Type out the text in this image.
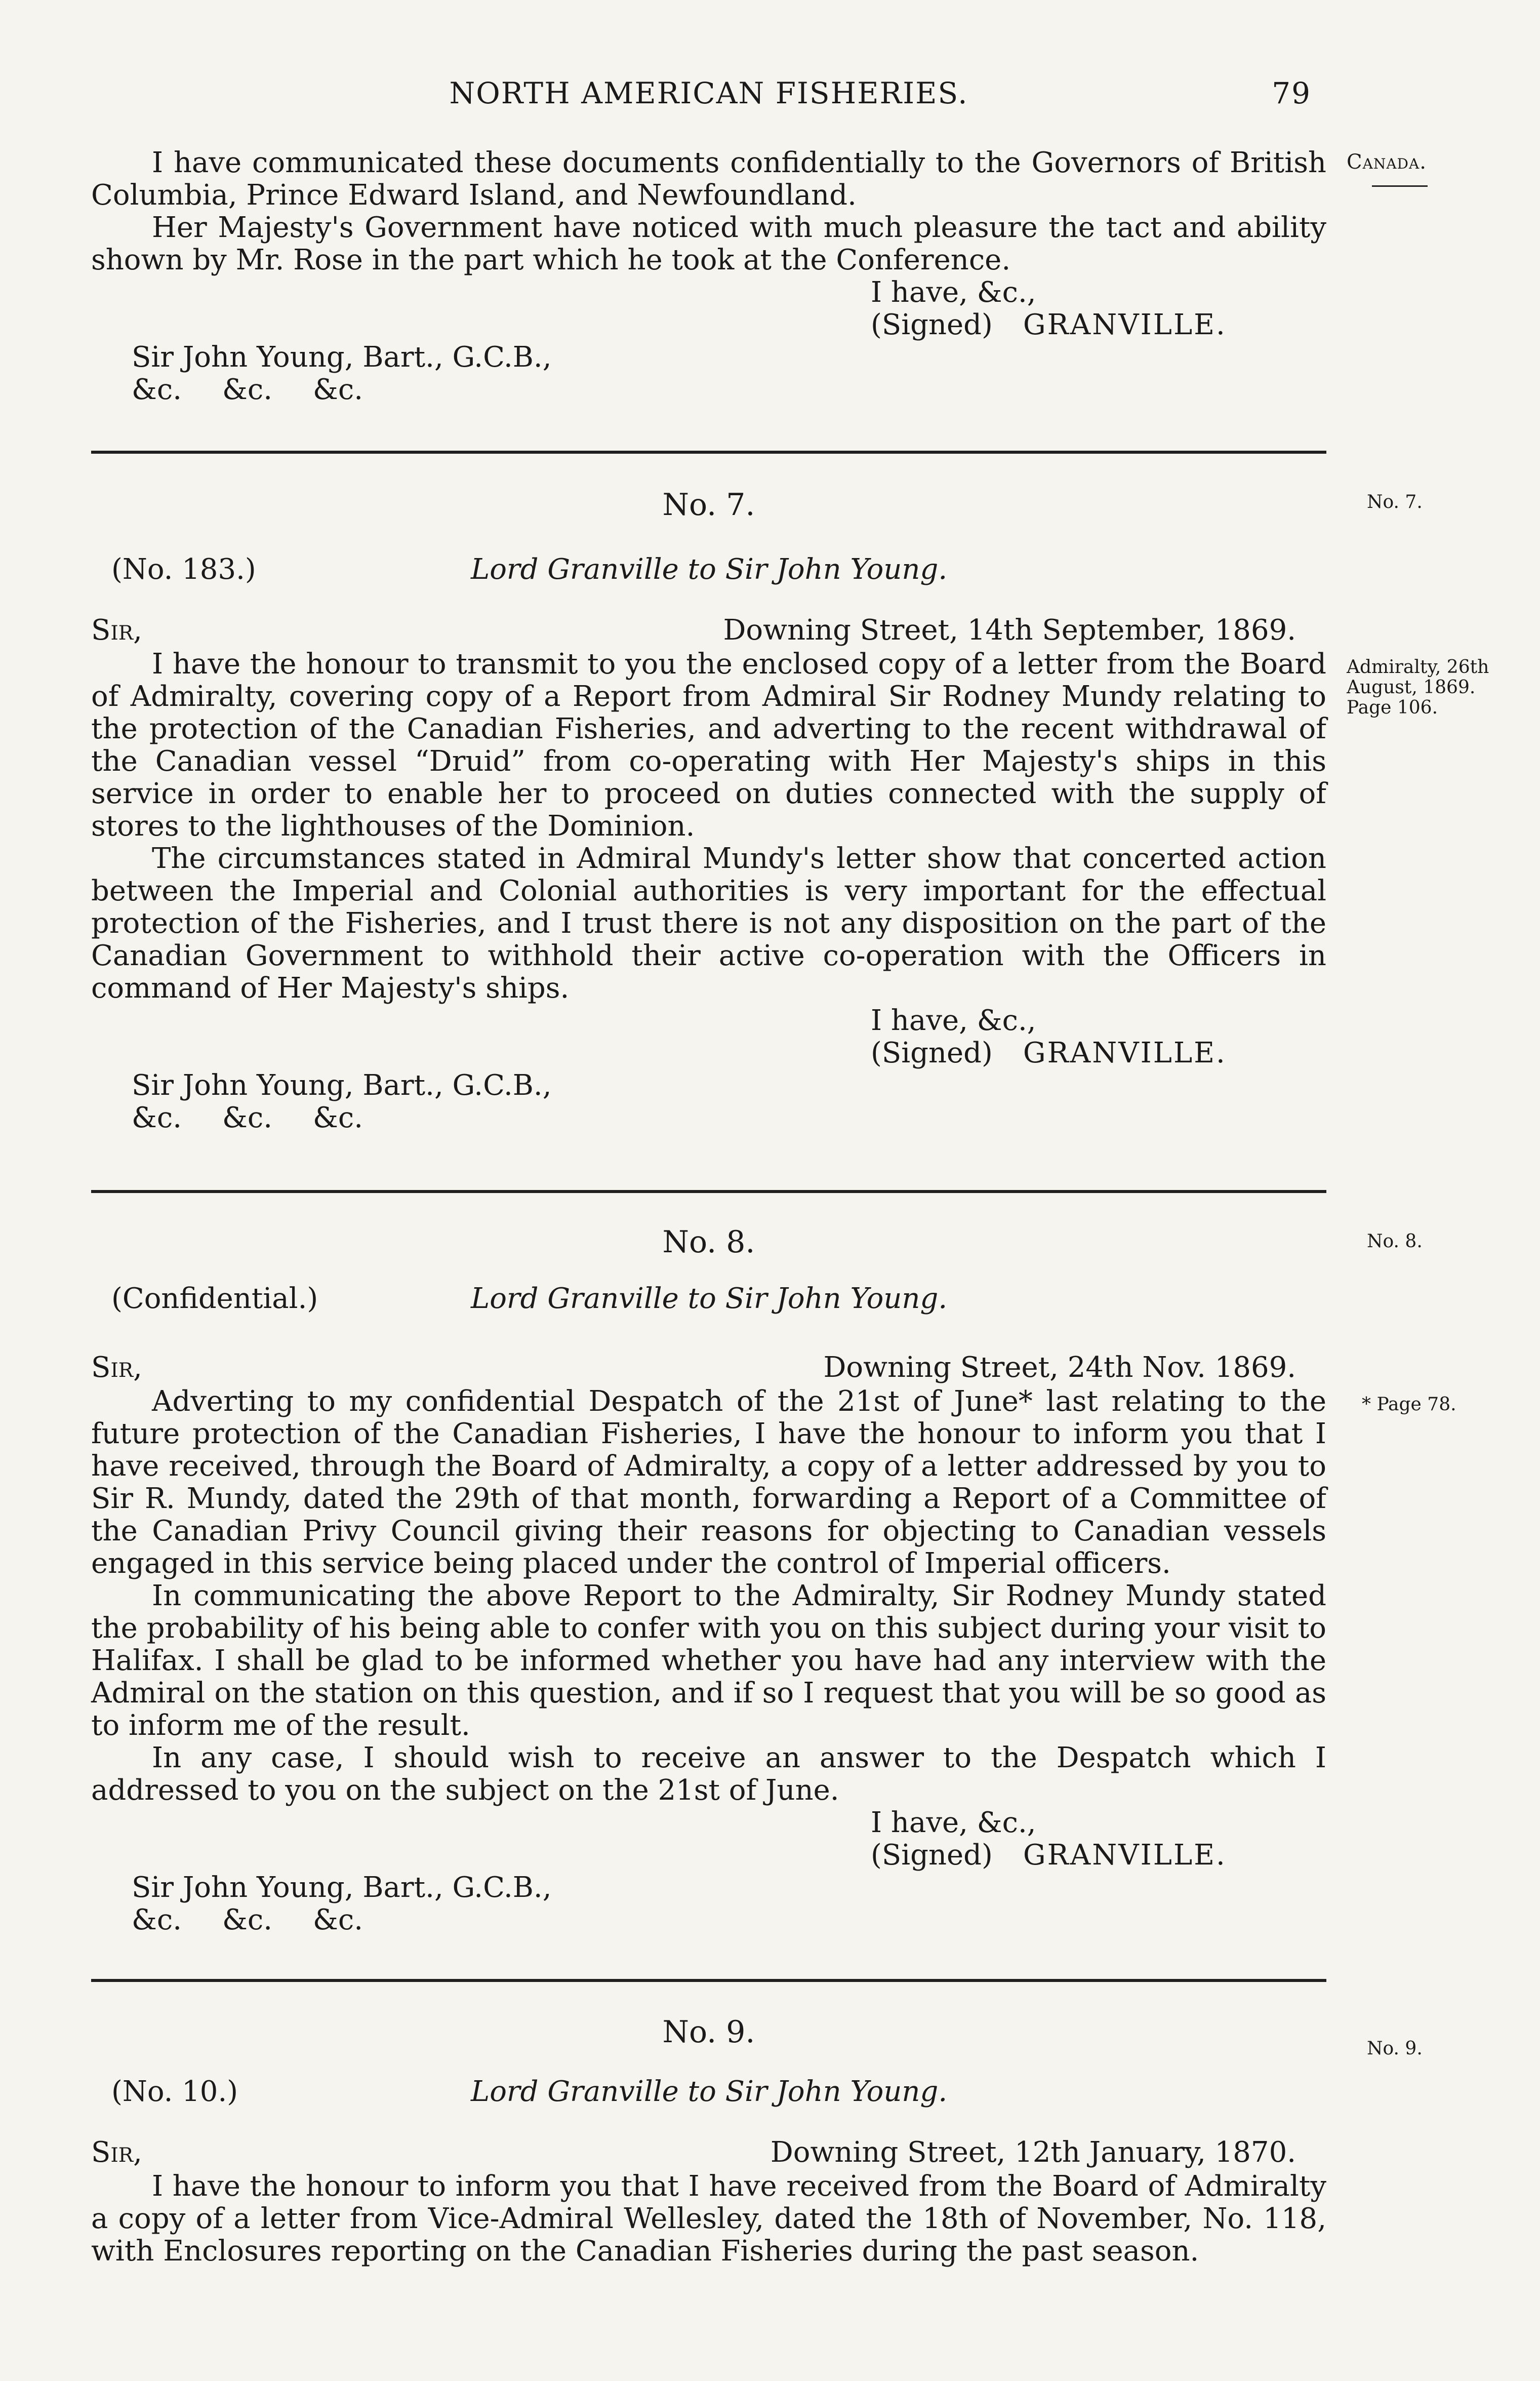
NORTH AMERICAN FISHERIES.	79
Canada.
No. 7.
Admiralty, 26th August, 1869. Page 106.
No. 8.
* Page 78.
No. 9.

I have communicated these documents confidentially to the Governors of British Columbia, Prince Edward Island, and Newfoundland.

Her Majesty's Government have noticed with much pleasure the tact and ability shown by Mr. Rose in the part which he took at the Conference.

I have, &c.,
(Signed) GRANVILLE.
Sir John Young, Bart., G.C.B.,
&c. &c. &c.
No. 7.
(No. 183.)	Lord Granville to Sir John Young.
Sir,	Downing Street, 14th September, 1869.

I have the honour to transmit to you the enclosed copy of a letter from the Board of Admiralty, covering copy of a Report from Admiral Sir Rodney Mundy relating to the protection of the Canadian Fisheries, and adverting to the recent withdrawal of the Canadian vessel “Druid” from co-operating with Her Majesty's ships in this service in order to enable her to proceed on duties connected with the supply of stores to the lighthouses of the Dominion.

The circumstances stated in Admiral Mundy's letter show that concerted action between the Imperial and Colonial authorities is very important for the effectual protection of the Fisheries, and I trust there is not any disposition on the part of the Canadian Government to withhold their active co-operation with the Officers in command of Her Majesty's ships.

I have, &c.,
(Signed) GRANVILLE.
Sir John Young, Bart., G.C.B.,
&c. &c. &c.
No. 8.
(Confidential.)	Lord Granville to Sir John Young.
Sir,	Downing Street, 24th Nov. 1869.

Adverting to my confidential Despatch of the 21st of June* last relating to the future protection of the Canadian Fisheries, I have the honour to inform you that I have received, through the Board of Admiralty, a copy of a letter addressed by you to Sir R. Mundy, dated the 29th of that month, forwarding a Report of a Committee of the Canadian Privy Council giving their reasons for objecting to Canadian vessels engaged in this service being placed under the control of Imperial officers.

In communicating the above Report to the Admiralty, Sir Rodney Mundy stated the probability of his being able to confer with you on this subject during your visit to Halifax. I shall be glad to be informed whether you have had any interview with the Admiral on the station on this question, and if so I request that you will be so good as to inform me of the result.

In any case, I should wish to receive an answer to the Despatch which I addressed to you on the subject on the 21st of June.

I have, &c.,
(Signed) GRANVILLE.
Sir John Young, Bart., G.C.B.,
&c. &c. &c.
No. 9.
(No. 10.)	Lord Granville to Sir John Young.
Sir,	Downing Street, 12th January, 1870.

I have the honour to inform you that I have received from the Board of Admiralty a copy of a letter from Vice-Admiral Wellesley, dated the 18th of November, No. 118, with Enclosures reporting on the Canadian Fisheries during the past season.
